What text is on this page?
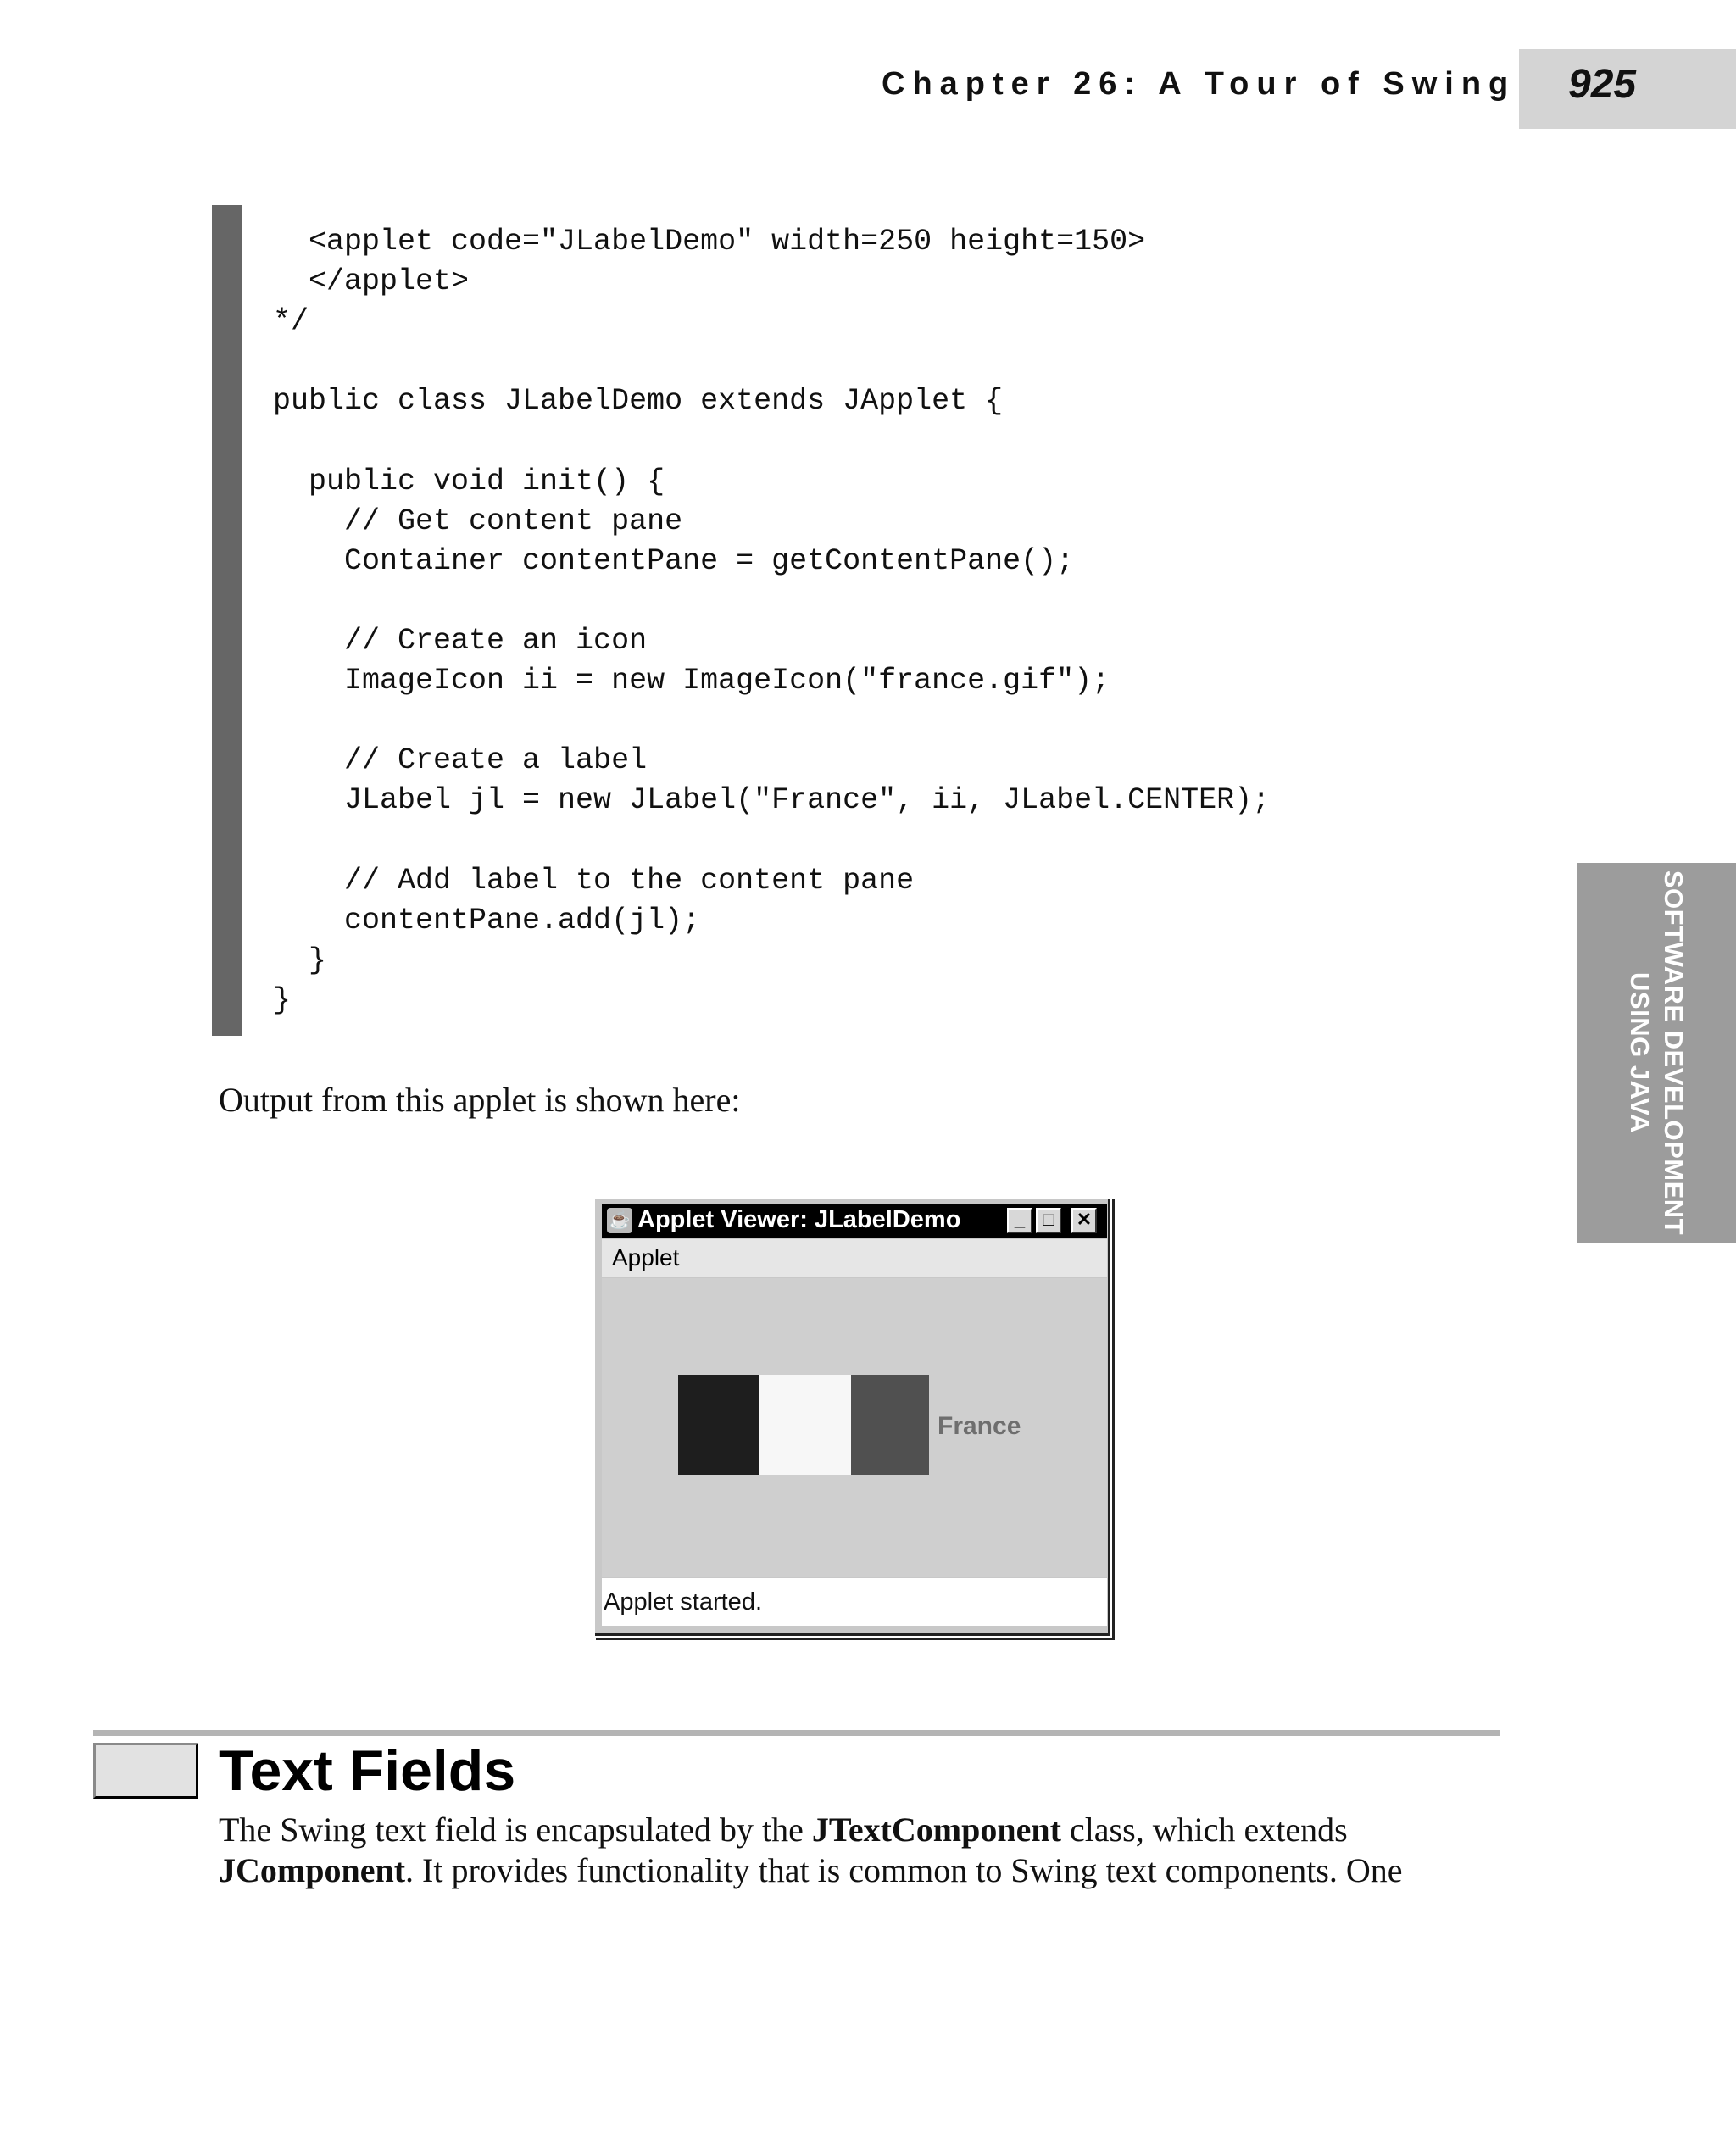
Chapter 26: A Tour of Swing 925
SOFTWARE DEVELOPMENT
USING JAVA
<applet code="JLabelDemo" width=250 height=150>
</applet>
*/

public class JLabelDemo extends JApplet {

public void init() {
// Get content pane
Container contentPane = getContentPane();

// Create an icon
ImageIcon ii = new ImageIcon("france.gif");

// Create a label
JLabel jl = new JLabel("France", ii, JLabel.CENTER);

// Add label to the content pane
contentPane.add(jl);
}
}
Output from this applet is shown here:
☕ Applet Viewer: JLabelDemo	_ □	✕
Applet
France
Applet started.
Text Fields

The Swing text field is encapsulated by the JTextComponent class, which extends
JComponent. It provides functionality that is common to Swing text components. One
